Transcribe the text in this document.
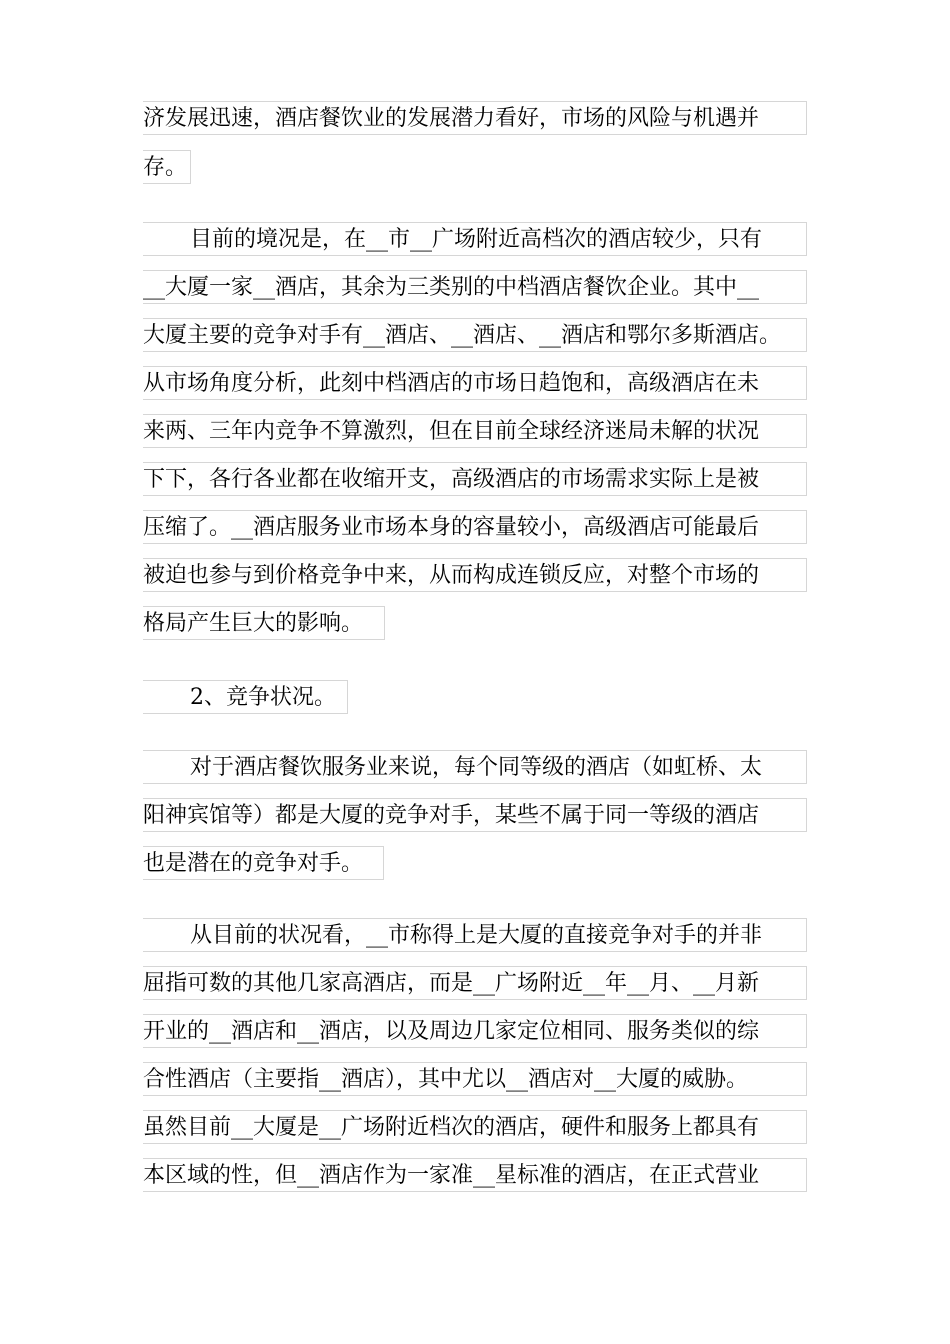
济发展迅速，酒店餐饮业的发展潜力看好，市场的风险与机遇并
存。
目前的境况是，在__市__广场附近高档次的酒店较少，只有
__大厦一家__酒店，其余为三类别的中档酒店餐饮企业。其中__
大厦主要的竞争对手有__酒店、__酒店、__酒店和鄂尔多斯酒店。
从市场角度分析，此刻中档酒店的市场日趋饱和，高级酒店在未
来两、三年内竞争不算激烈，但在目前全球经济迷局未解的状况
下下，各行各业都在收缩开支，高级酒店的市场需求实际上是被
压缩了。__酒店服务业市场本身的容量较小，高级酒店可能最后
被迫也参与到价格竞争中来，从而构成连锁反应，对整个市场的
格局产生巨大的影响。
2、竞争状况。
对于酒店餐饮服务业来说，每个同等级的酒店（如虹桥、太
阳神宾馆等）都是大厦的竞争对手，某些不属于同一等级的酒店
也是潜在的竞争对手。
从目前的状况看，__市称得上是大厦的直接竞争对手的并非
屈指可数的其他几家高酒店，而是__广场附近__年__月、__月新
开业的__酒店和__酒店，以及周边几家定位相同、服务类似的综
合性酒店（主要指__酒店），其中尤以__酒店对__大厦的威胁。
虽然目前__大厦是__广场附近档次的酒店，硬件和服务上都具有
本区域的性，但__酒店作为一家准__星标准的酒店，在正式营业
